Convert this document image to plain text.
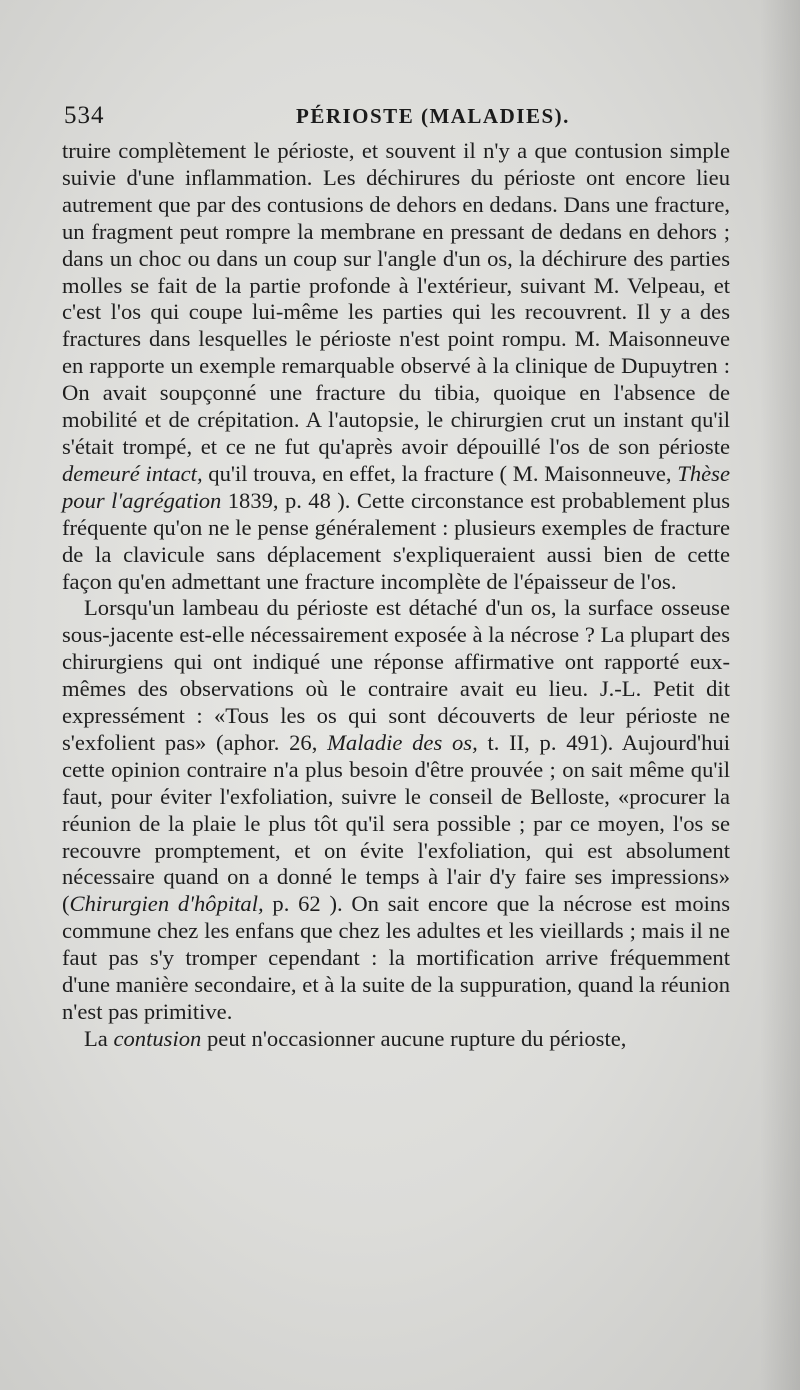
534	PÉRIOSTE (MALADIES).

truire complètement le périoste, et souvent il n'y a que contusion simple suivie d'une inflammation. Les déchirures du périoste ont encore lieu autrement que par des contusions de dehors en dedans. Dans une fracture, un fragment peut rompre la membrane en pressant de dedans en dehors ; dans un choc ou dans un coup sur l'angle d'un os, la déchirure des parties molles se fait de la partie profonde à l'extérieur, suivant M. Velpeau, et c'est l'os qui coupe lui-même les parties qui les recouvrent. Il y a des fractures dans lesquelles le périoste n'est point rompu. M. Maisonneuve en rapporte un exemple remarquable observé à la clinique de Dupuytren : On avait soupçonné une fracture du tibia, quoique en l'absence de mobilité et de crépitation. A l'autopsie, le chirurgien crut un instant qu'il s'était trompé, et ce ne fut qu'après avoir dépouillé l'os de son périoste demeuré intact, qu'il trouva, en effet, la fracture ( M. Maisonneuve, Thèse pour l'agrégation 1839, p. 48 ). Cette circonstance est probablement plus fréquente qu'on ne le pense généralement : plusieurs exemples de fracture de la clavicule sans déplacement s'expliqueraient aussi bien de cette façon qu'en admettant une fracture incomplète de l'épaisseur de l'os.

Lorsqu'un lambeau du périoste est détaché d'un os, la surface osseuse sous-jacente est-elle nécessairement exposée à la nécrose ? La plupart des chirurgiens qui ont indiqué une réponse affirmative ont rapporté eux-mêmes des observations où le contraire avait eu lieu. J.-L. Petit dit expressément : «Tous les os qui sont découverts de leur périoste ne s'exfolient pas» (aphor. 26, Maladie des os, t. II, p. 491). Aujourd'hui cette opinion contraire n'a plus besoin d'être prouvée ; on sait même qu'il faut, pour éviter l'exfoliation, suivre le conseil de Belloste, «procurer la réunion de la plaie le plus tôt qu'il sera possible ; par ce moyen, l'os se recouvre promptement, et on évite l'exfoliation, qui est absolument nécessaire quand on a donné le temps à l'air d'y faire ses impressions» (Chirurgien d'hôpital, p. 62 ). On sait encore que la nécrose est moins commune chez les enfans que chez les adultes et les vieillards ; mais il ne faut pas s'y tromper cependant : la mortification arrive fréquemment d'une manière secondaire, et à la suite de la suppuration, quand la réunion n'est pas primitive.

La contusion peut n'occasionner aucune rupture du périoste,
